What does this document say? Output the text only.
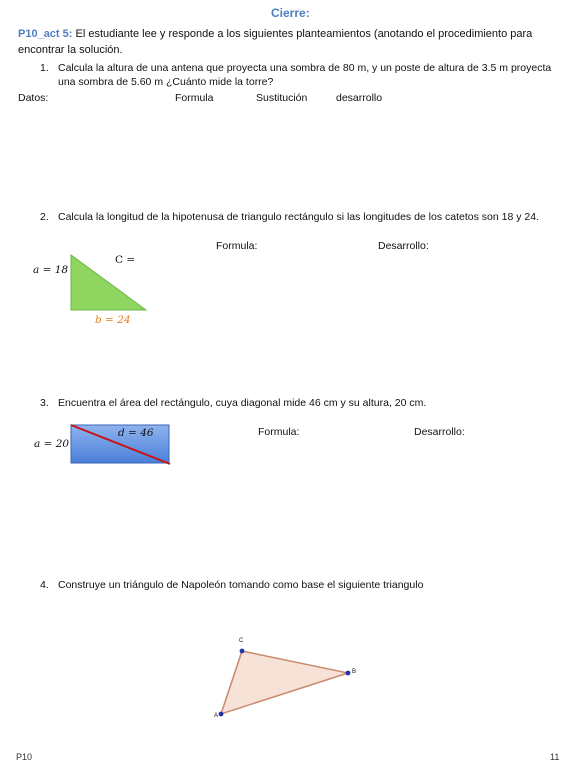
Cierre:
P10_act 5: El estudiante lee y responde a los siguientes planteamientos (anotando el procedimiento para encontrar la solución.
1. Calcula la altura de una antena que proyecta una sombra de 80 m, y un poste de altura de 3.5 m proyecta una sombra de 5.60 m ¿Cuánto mide la torre?
Datos:	Formula	Sustitución	desarrollo
2. Calcula la longitud de la hipotenusa de triangulo rectángulo si las longitudes de los catetos son 18 y 24.
a = 18
b = 24
C =
Formula:	Desarrollo:
3. Encuentra el área del rectángulo, cuya diagonal mide 46 cm y su altura, 20 cm.
a = 20
d = 46	Formula:	Desarrollo:
4. Construye un triángulo de Napoleón tomando como base el siguiente triangulo
C
B
A
P10	11
